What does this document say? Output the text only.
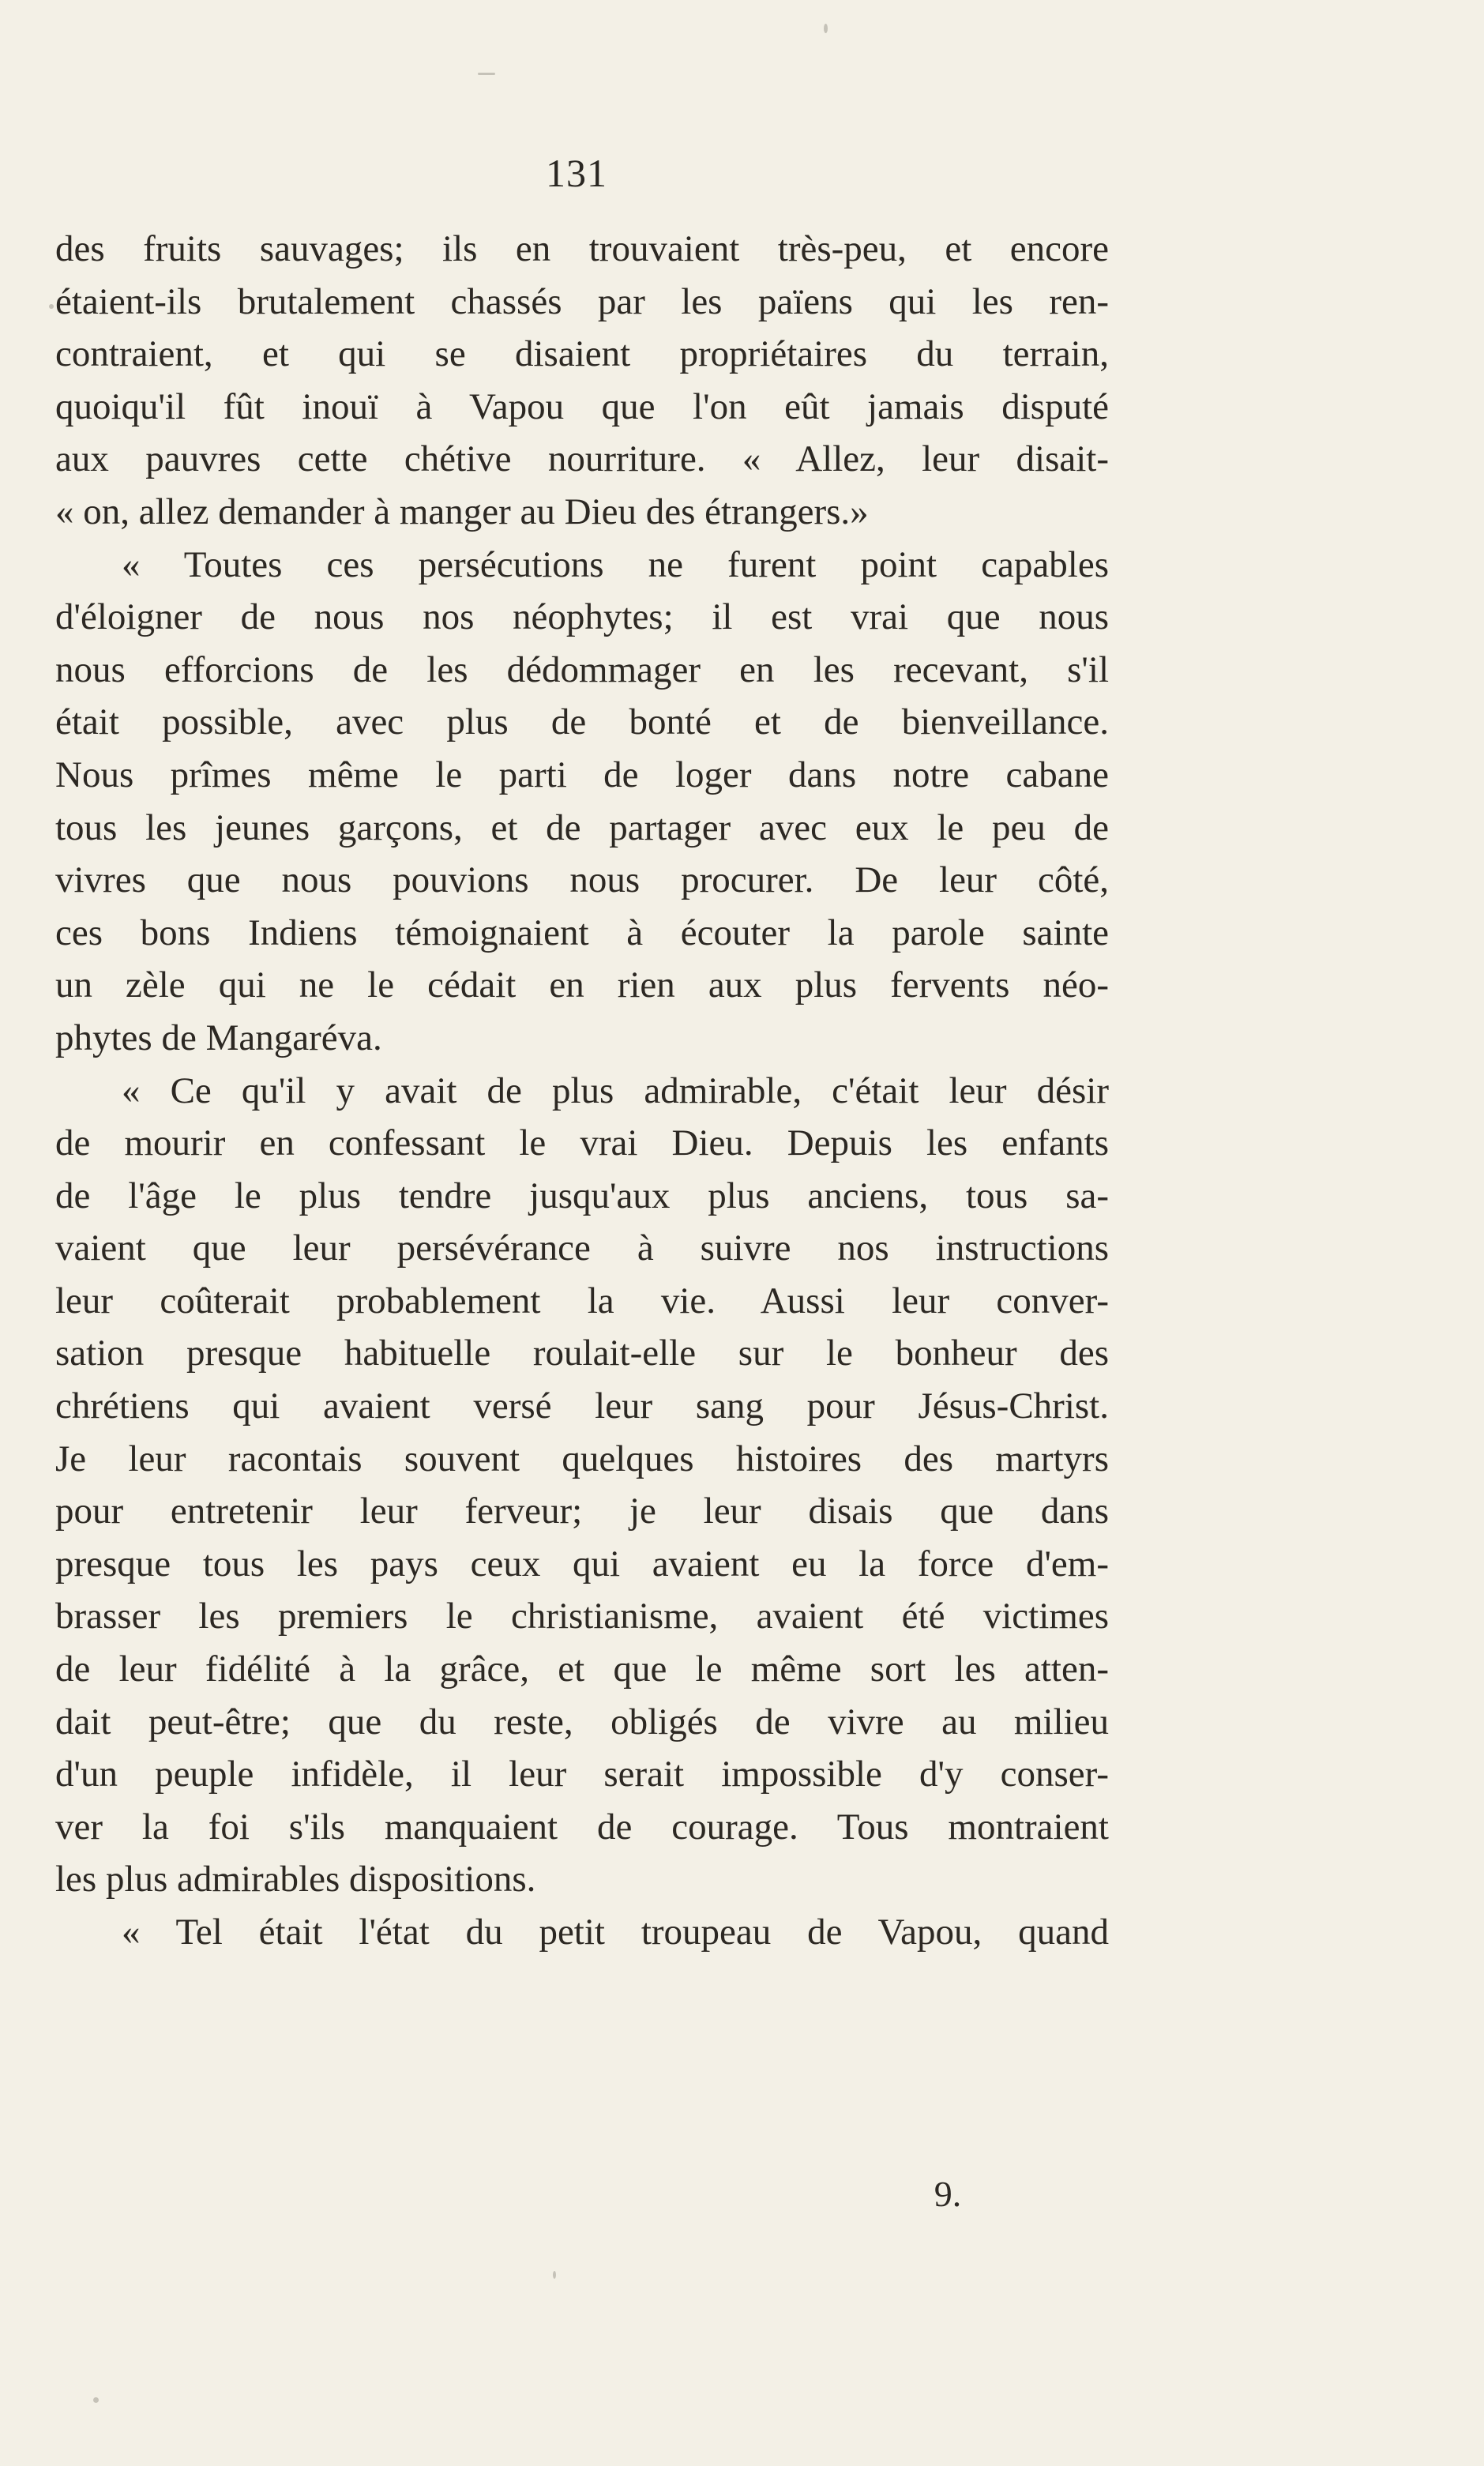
131
des fruits sauvages; ils en trouvaient très-peu, et encore
étaient-ils brutalement chassés par les païens qui les ren-
contraient, et qui se disaient propriétaires du terrain,
quoiqu'il fût inouï à Vapou que l'on eût jamais disputé
aux pauvres cette chétive nourriture. « Allez, leur disait-
« on, allez demander à manger au Dieu des étrangers.»
« Toutes ces persécutions ne furent point capables
d'éloigner de nous nos néophytes; il est vrai que nous
nous efforcions de les dédommager en les recevant, s'il
était possible, avec plus de bonté et de bienveillance.
Nous prîmes même le parti de loger dans notre cabane
tous les jeunes garçons, et de partager avec eux le peu de
vivres que nous pouvions nous procurer. De leur côté,
ces bons Indiens témoignaient à écouter la parole sainte
un zèle qui ne le cédait en rien aux plus fervents néo-
phytes de Mangaréva.
« Ce qu'il y avait de plus admirable, c'était leur désir
de mourir en confessant le vrai Dieu. Depuis les enfants
de l'âge le plus tendre jusqu'aux plus anciens, tous sa-
vaient que leur persévérance à suivre nos instructions
leur coûterait probablement la vie. Aussi leur conver-
sation presque habituelle roulait-elle sur le bonheur des
chrétiens qui avaient versé leur sang pour Jésus-Christ.
Je leur racontais souvent quelques histoires des martyrs
pour entretenir leur ferveur; je leur disais que dans
presque tous les pays ceux qui avaient eu la force d'em-
brasser les premiers le christianisme, avaient été victimes
de leur fidélité à la grâce, et que le même sort les atten-
dait peut-être; que du reste, obligés de vivre au milieu
d'un peuple infidèle, il leur serait impossible d'y conser-
ver la foi s'ils manquaient de courage. Tous montraient
les plus admirables dispositions.
« Tel était l'état du petit troupeau de Vapou, quand
9.
